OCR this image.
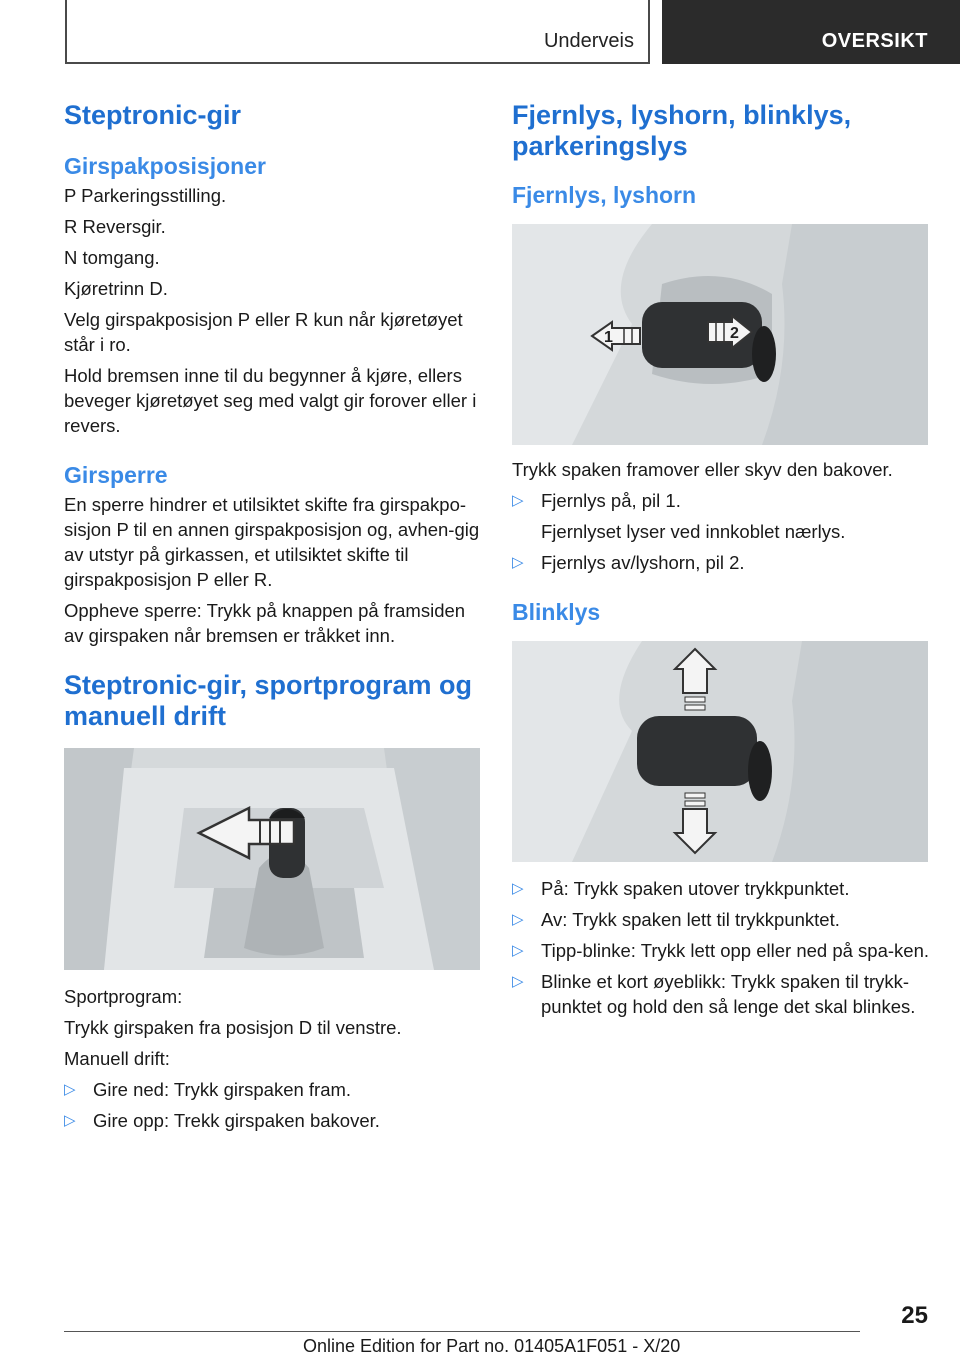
Underveis	OVERSIKT
Steptronic-gir
Girspakposisjoner

P Parkeringsstilling.

R Reversgir.

N tomgang.

Kjøretrinn D.

Velg girspakposisjon P eller R kun når kjøretøyet står i ro.

Hold bremsen inne til du begynner å kjøre, ellers beveger kjøretøyet seg med valgt gir forover eller i revers.

Girsperre

En sperre hindrer et utilsiktet skifte fra girspakpo-sisjon P til en annen girspakposisjon og, avhen-gig av utstyr på girkassen, et utilsiktet skifte til girspakposisjon P eller R.

Oppheve sperre: Trykk på knappen på framsiden av girspaken når bremsen er tråkket inn.

Steptronic-gir, sportprogram og manuell drift

Sportprogram:

Trykk girspaken fra posisjon D til venstre.

Manuell drift:

▷ Gire ned: Trykk girspaken fram.
▷ Gire opp: Trekk girspaken bakover.
Fjernlys, lyshorn, blinklys, parkeringslys
Fjernlys, lyshorn
1	2

Trykk spaken framover eller skyv den bakover.

▷ Fjernlys på, pil 1.
Fjernlyset lyser ved innkoblet nærlys.
▷ Fjernlys av/lyshorn, pil 2.
Blinklys
▷ På: Trykk spaken utover trykkpunktet.
▷ Av: Trykk spaken lett til trykkpunktet.
▷ Tipp-blinke: Trykk lett opp eller ned på spa-ken.
▷ Blinke et kort øyeblikk: Trykk spaken til trykk-punktet og hold den så lenge det skal blinkes.
25
Online Edition for Part no. 01405A1F051 - X/20
